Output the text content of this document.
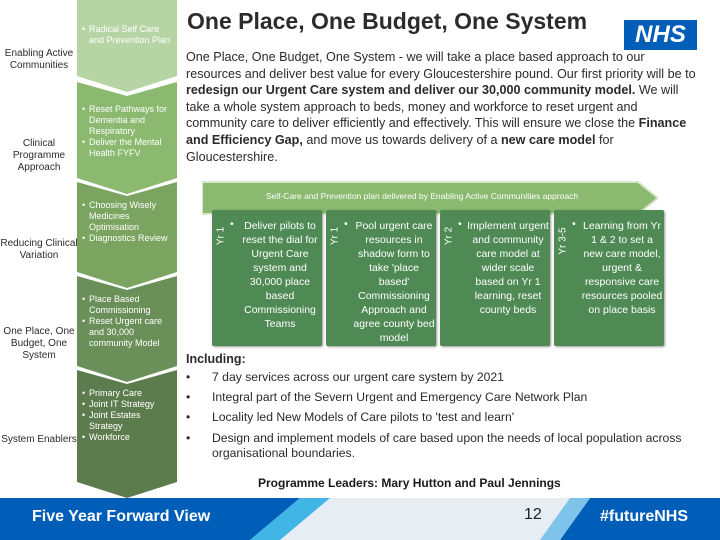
Enabling Active Communities
• Radical Self Care and Prevention Plan
Clinical Programme Approach
• Reset Pathways for Dementia and Respiratory
• Deliver the Mental Health FYFV
Reducing Clinical Variation
• Choosing Wisely Medicines Optimisation
• Diagnostics Review
One Place, One Budget, One System
• Place Based Commissioning
• Reset Urgent care and 30,000 community Model
System Enablers
• Primary Care
• Joint IT Strategy
• Joint Estates Strategy
• Workforce
One Place, One Budget, One System	NHS
One Place, One Budget, One System - we will take a place based approach to our resources and deliver best value for every Gloucestershire pound. Our first priority will be to redesign our Urgent Care system and deliver our 30,000 community model. We will take a whole system approach to beds, money and workforce to reset urgent and community care to deliver efficiently and effectively. This will ensure we close the Finance and Efficiency Gap, and move us towards delivery of a new care model for Gloucestershire.
Self-Care and Prevention plan delivered by Enabling Active Communities approach
Yr 1
• Deliver pilots to reset the dial for Urgent Care system and 30,000 place based Commissioning Teams
Yr 1
• Pool urgent care resources in shadow form to take 'place based' Commissioning Approach and agree county bed model
Yr 2
• Implement urgent and community care model at wider scale based on Yr 1 learning, reset county beds
Yr 3-5
• Learning from Yr 1 & 2 to set a new care model, urgent & responsive care resources pooled on place basis
Including:
• 7 day services across our urgent care system by 2021
• Integral part of the Severn Urgent and Emergency Care Network Plan
• Locality led New Models of Care pilots to 'test and learn'
• Design and implement models of care based upon the needs of local population across organisational boundaries.
Programme Leaders: Mary Hutton and Paul Jennings
Five Year Forward View	12	#futureNHS
